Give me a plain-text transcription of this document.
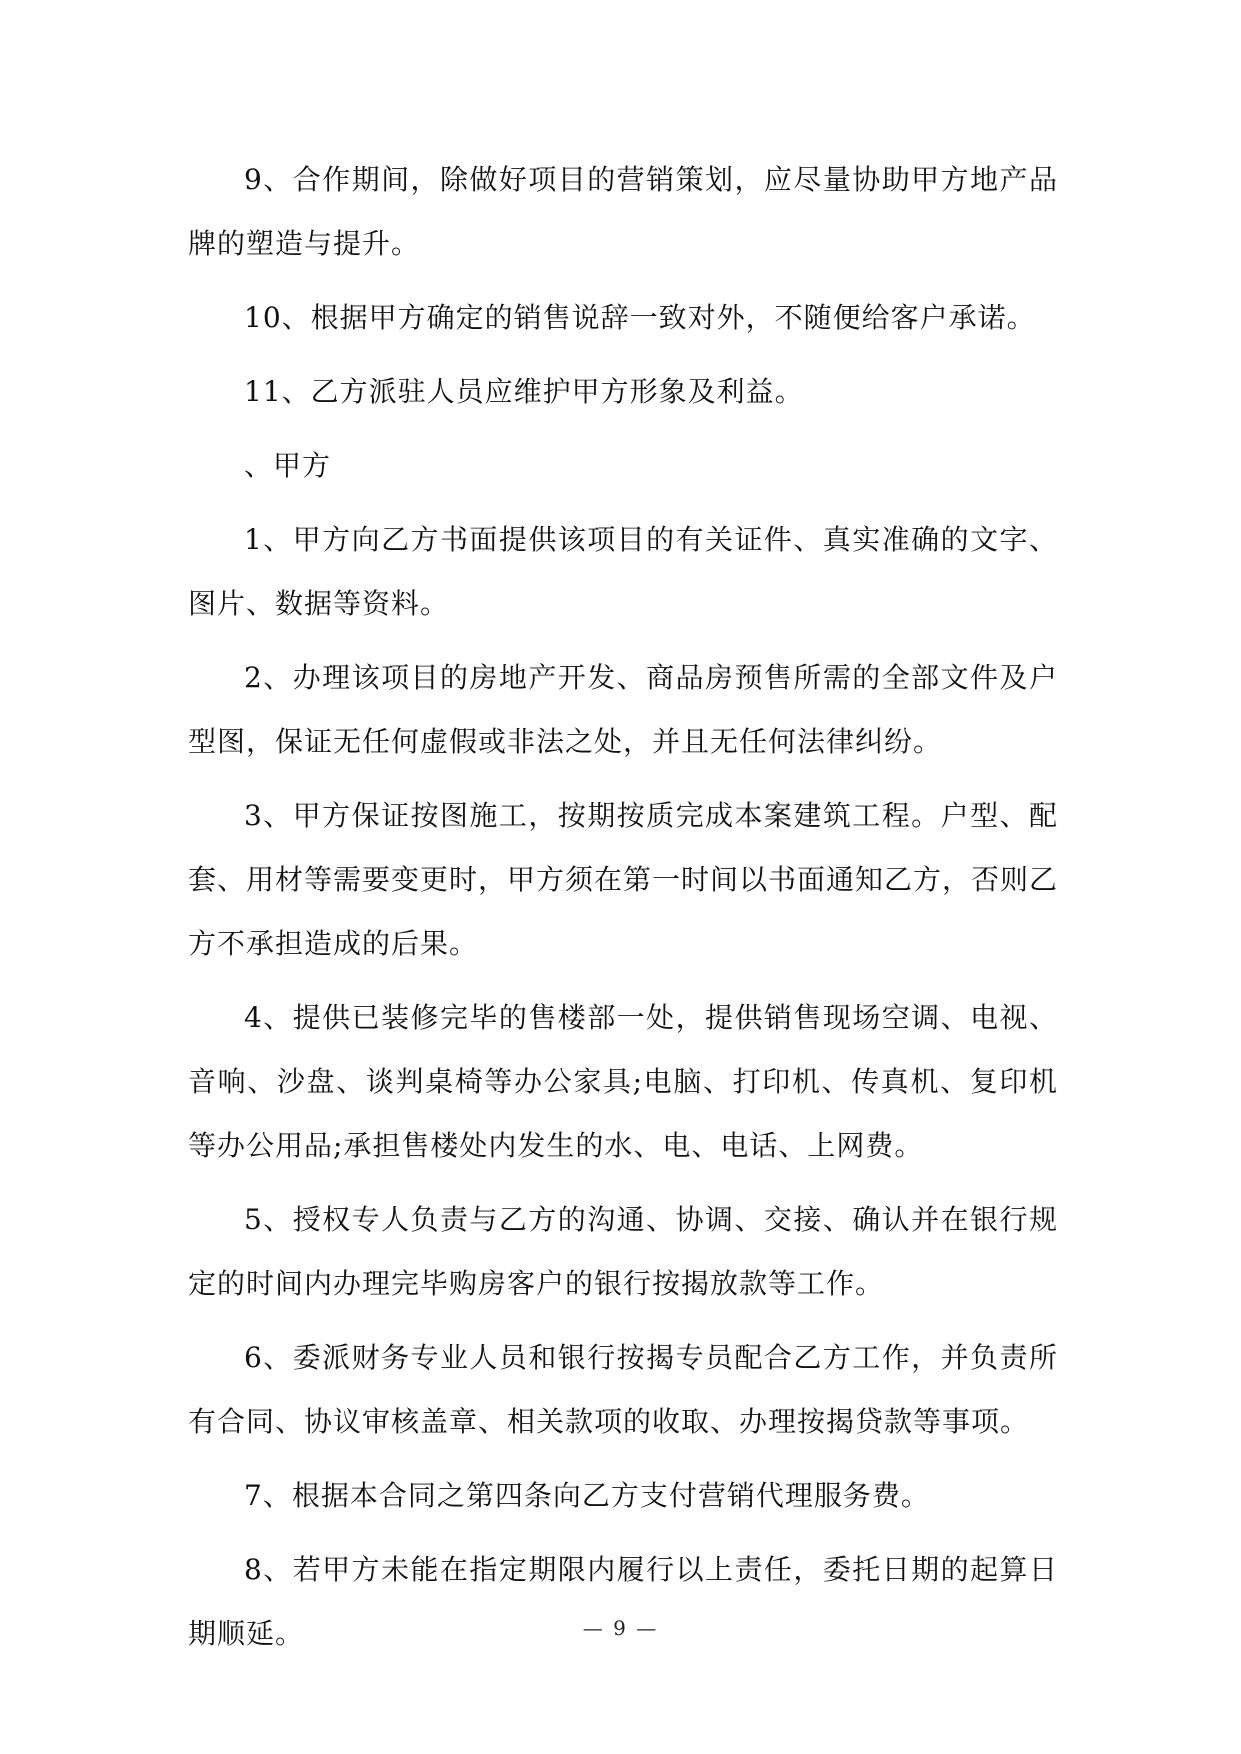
9、合作期间，除做好项目的营销策划，应尽量协助甲方地产品牌的塑造与提升。

10、根据甲方确定的销售说辞一致对外，不随便给客户承诺。

11、乙方派驻人员应维护甲方形象及利益。

、甲方

1、甲方向乙方书面提供该项目的有关证件、真实准确的文字、图片、数据等资料。

2、办理该项目的房地产开发、商品房预售所需的全部文件及户型图，保证无任何虚假或非法之处，并且无任何法律纠纷。

3、甲方保证按图施工，按期按质完成本案建筑工程。户型、配套、用材等需要变更时，甲方须在第一时间以书面通知乙方，否则乙方不承担造成的后果。

4、提供已装修完毕的售楼部一处，提供销售现场空调、电视、音响、沙盘、谈判桌椅等办公家具;电脑、打印机、传真机、复印机等办公用品;承担售楼处内发生的水、电、电话、上网费。

5、授权专人负责与乙方的沟通、协调、交接、确认并在银行规定的时间内办理完毕购房客户的银行按揭放款等工作。

6、委派财务专业人员和银行按揭专员配合乙方工作，并负责所有合同、协议审核盖章、相关款项的收取、办理按揭贷款等事项。

7、根据本合同之第四条向乙方支付营销代理服务费。

8、若甲方未能在指定期限内履行以上责任，委托日期的起算日期顺延。	— 9 —
